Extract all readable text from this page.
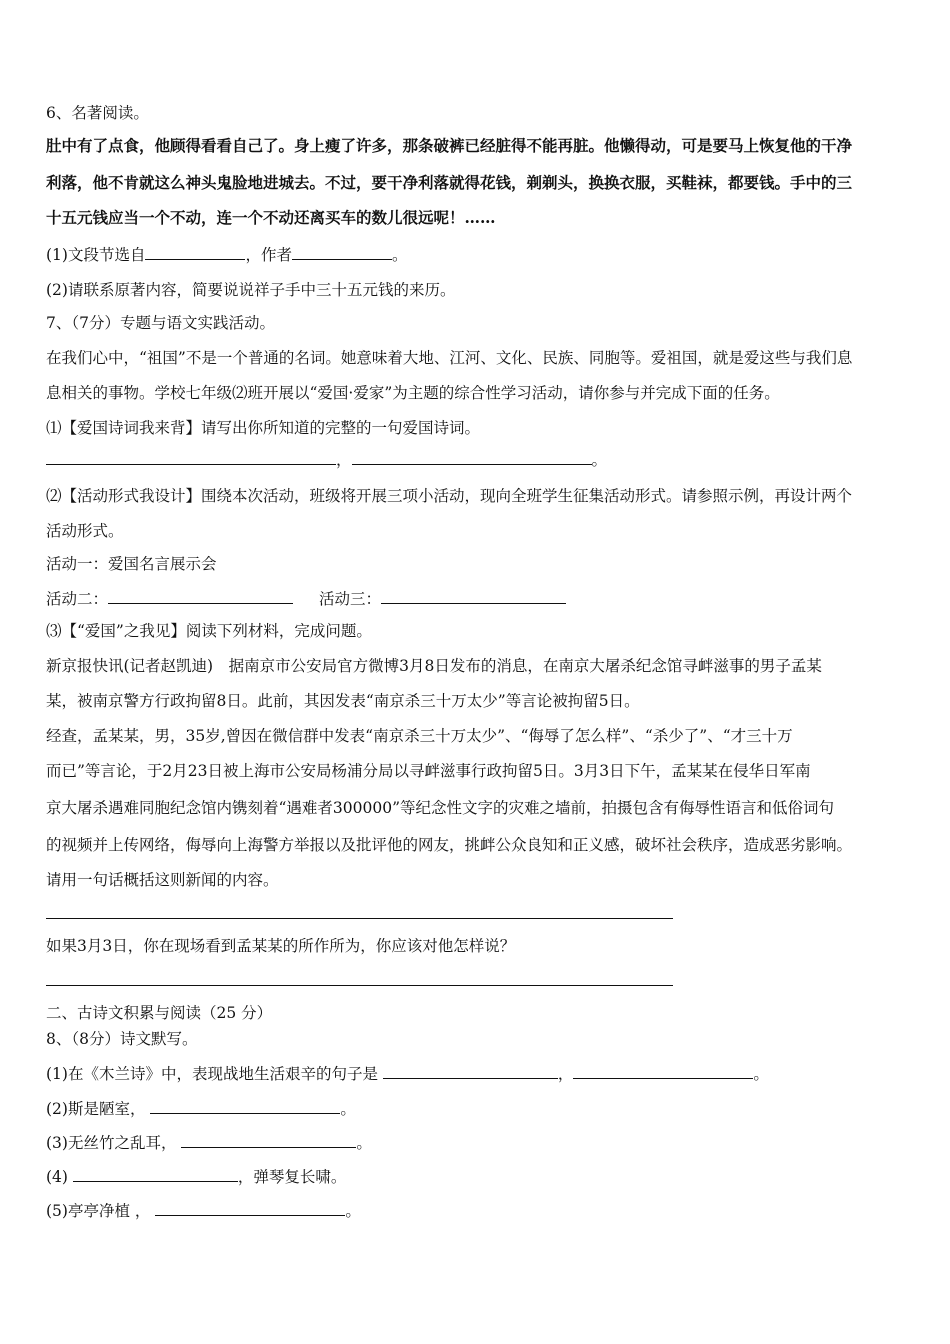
6、名著阅读。
肚中有了点食，他顾得看看自己了。身上瘦了许多，那条破裤已经脏得不能再脏。他懒得动，可是要马上恢复他的干净
利落，他不肯就这么神头鬼脸地进城去。不过，要干净利落就得花钱，剃剃头，换换衣服，买鞋袜，都要钱。手中的三
十五元钱应当一个不动，连一个不动还离买车的数儿很远呢！……
(1)文段节选自	，作者	。
(2)请联系原著内容，简要说说祥子手中三十五元钱的来历。
7、（7分）专题与语文实践活动。
在我们心中，“祖国”不是一个普通的名词。她意味着大地、江河、文化、民族、同胞等。爱祖国，就是爱这些与我们息
息相关的事物。学校七年级⑵班开展以“爱国·爱家”为主题的综合性学习活动，请你参与并完成下面的任务。
⑴【爱国诗词我来背】请写出你所知道的完整的一句爱国诗词。
，	。
⑵【活动形式我设计】围绕本次活动，班级将开展三项小活动，现向全班学生征集活动形式。请参照示例，再设计两个
活动形式。
活动一：爱国名言展示会
活动二：	活动三：
⑶【“爱国”之我见】阅读下列材料，完成问题。
新京报快讯(记者赵凯迪)　据南京市公安局官方微博3月8日发布的消息，在南京大屠杀纪念馆寻衅滋事的男子孟某
某，被南京警方行政拘留8日。此前，其因发表“南京杀三十万太少”等言论被拘留5日。
经查，孟某某，男，35岁,曾因在微信群中发表“南京杀三十万太少”、“侮辱了怎么样”、“杀少了”、“才三十万
而已”等言论，于2月23日被上海市公安局杨浦分局以寻衅滋事行政拘留5日。3月3日下午，孟某某在侵华日军南
京大屠杀遇难同胞纪念馆内镌刻着“遇难者300000”等纪念性文字的灾难之墙前，拍摄包含有侮辱性语言和低俗词句
的视频并上传网络，侮辱向上海警方举报以及批评他的网友，挑衅公众良知和正义感，破坏社会秩序，造成恶劣影响。
请用一句话概括这则新闻的内容。
如果3月3日，你在现场看到孟某某的所作所为，你应该对他怎样说？
二、古诗文积累与阅读（25 分）
8、（8分）诗文默写。
(1)在《木兰诗》中，表现战地生活艰辛的句子是	，	。
(2)斯是陋室，	。
(3)无丝竹之乱耳，	。
(4)	，弹琴复长啸。
(5)亭亭净植 ，	。
